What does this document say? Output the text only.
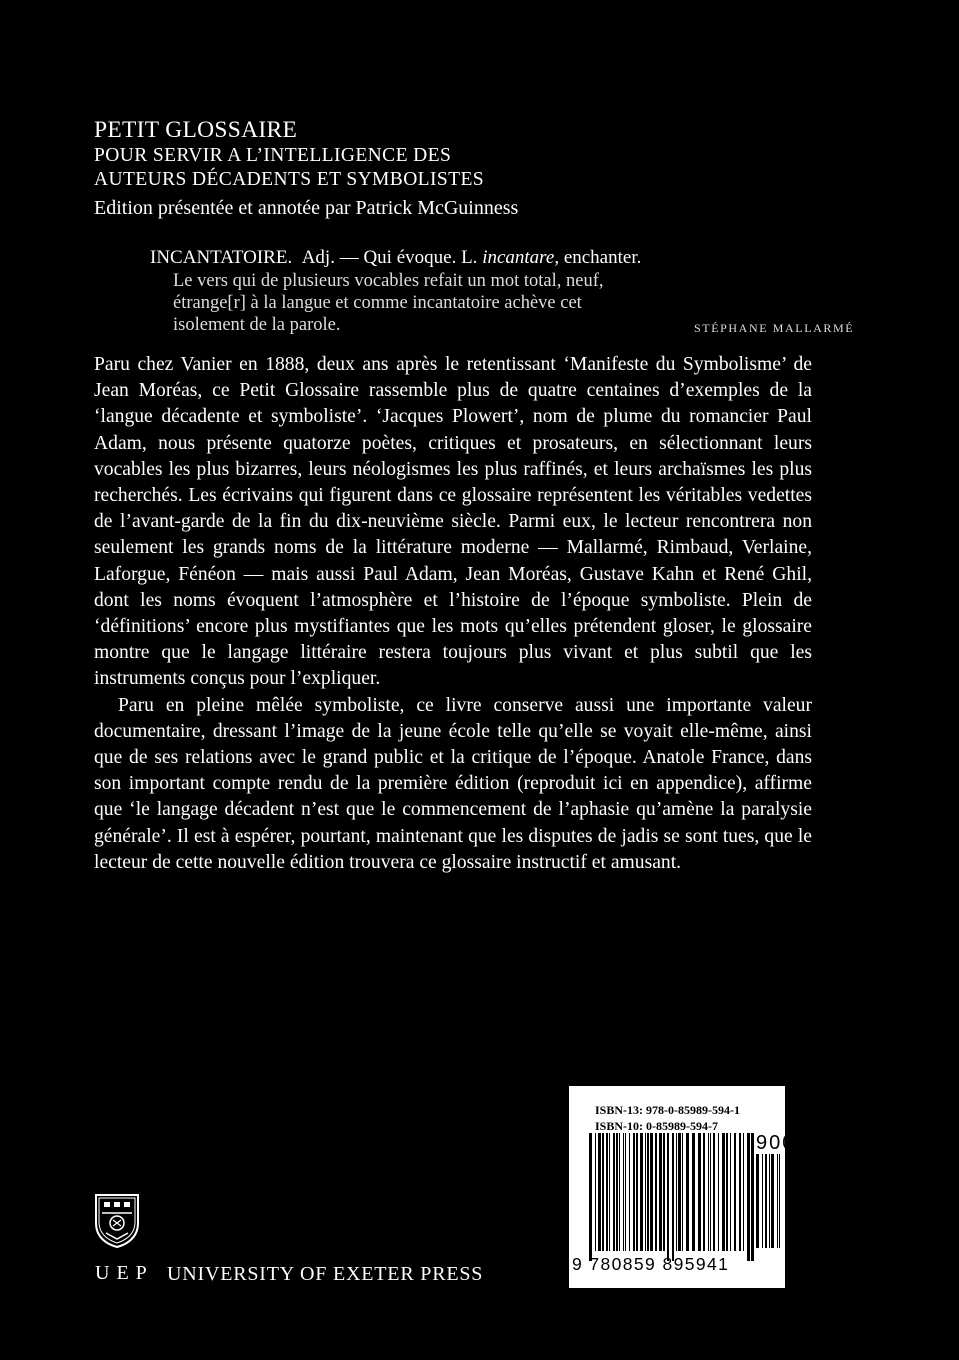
PETIT GLOSSAIRE
POUR SERVIR A L’INTELLIGENCE DES
AUTEURS DÉCADENTS ET SYMBOLISTES
Edition présentée et annotée par Patrick McGuinness
INCANTATOIRE. Adj. — Qui évoque. L. incantare, enchanter.
Le vers qui de plusieurs vocables refait un mot total, neuf,
étrange[r] à la langue et comme incantatoire achève cet
isolement de la parole.	STÉPHANE MALLARMÉ

Paru chez Vanier en 1888, deux ans après le retentissant ‘Manifeste du Symbolisme’ de Jean Moréas, ce Petit Glossaire rassemble plus de quatre centaines d’exemples de la ‘langue décadente et symboliste’. ‘Jacques Plowert’, nom de plume du romancier Paul Adam, nous présente quatorze poètes, critiques et prosateurs, en sélectionnant leurs vocables les plus bizarres, leurs néologismes les plus raffinés, et leurs archaïsmes les plus recherchés. Les écrivains qui figurent dans ce glossaire représentent les véritables vedettes de l’avant-garde de la fin du dix-neuvième siècle. Parmi eux, le lecteur rencontrera non seulement les grands noms de la littérature moderne — Mallarmé, Rimbaud, Verlaine, Laforgue, Fénéon — mais aussi Paul Adam, Jean Moréas, Gustave Kahn et René Ghil, dont les noms évoquent l’atmosphère et l’histoire de l’époque symboliste. Plein de ‘définitions’ encore plus mystifiantes que les mots qu’elles prétendent gloser, le glossaire montre que le langage littéraire restera toujours plus vivant et plus subtil que les instruments conçus pour l’expliquer.

Paru en pleine mêlée symboliste, ce livre conserve aussi une importante valeur documentaire, dressant l’image de la jeune école telle qu’elle se voyait elle-même, ainsi que de ses relations avec le grand public et la critique de l’époque. Anatole France, dans son important compte rendu de la première édition (reproduit ici en appendice), affirme que ‘le langage décadent n’est que le commencement de l’aphasie qu’amène la paralysie générale’. Il est à espérer, pourtant, maintenant que les disputes de jadis se sont tues, que le lecteur de cette nouvelle édition trouvera ce glossaire instructif et amusant.

ISBN-13: 978-0-85989-594-1
ISBN-10: 0-85989-594-7
90000
9 780859 895941
UEP UNIVERSITY OF EXETER PRESS
